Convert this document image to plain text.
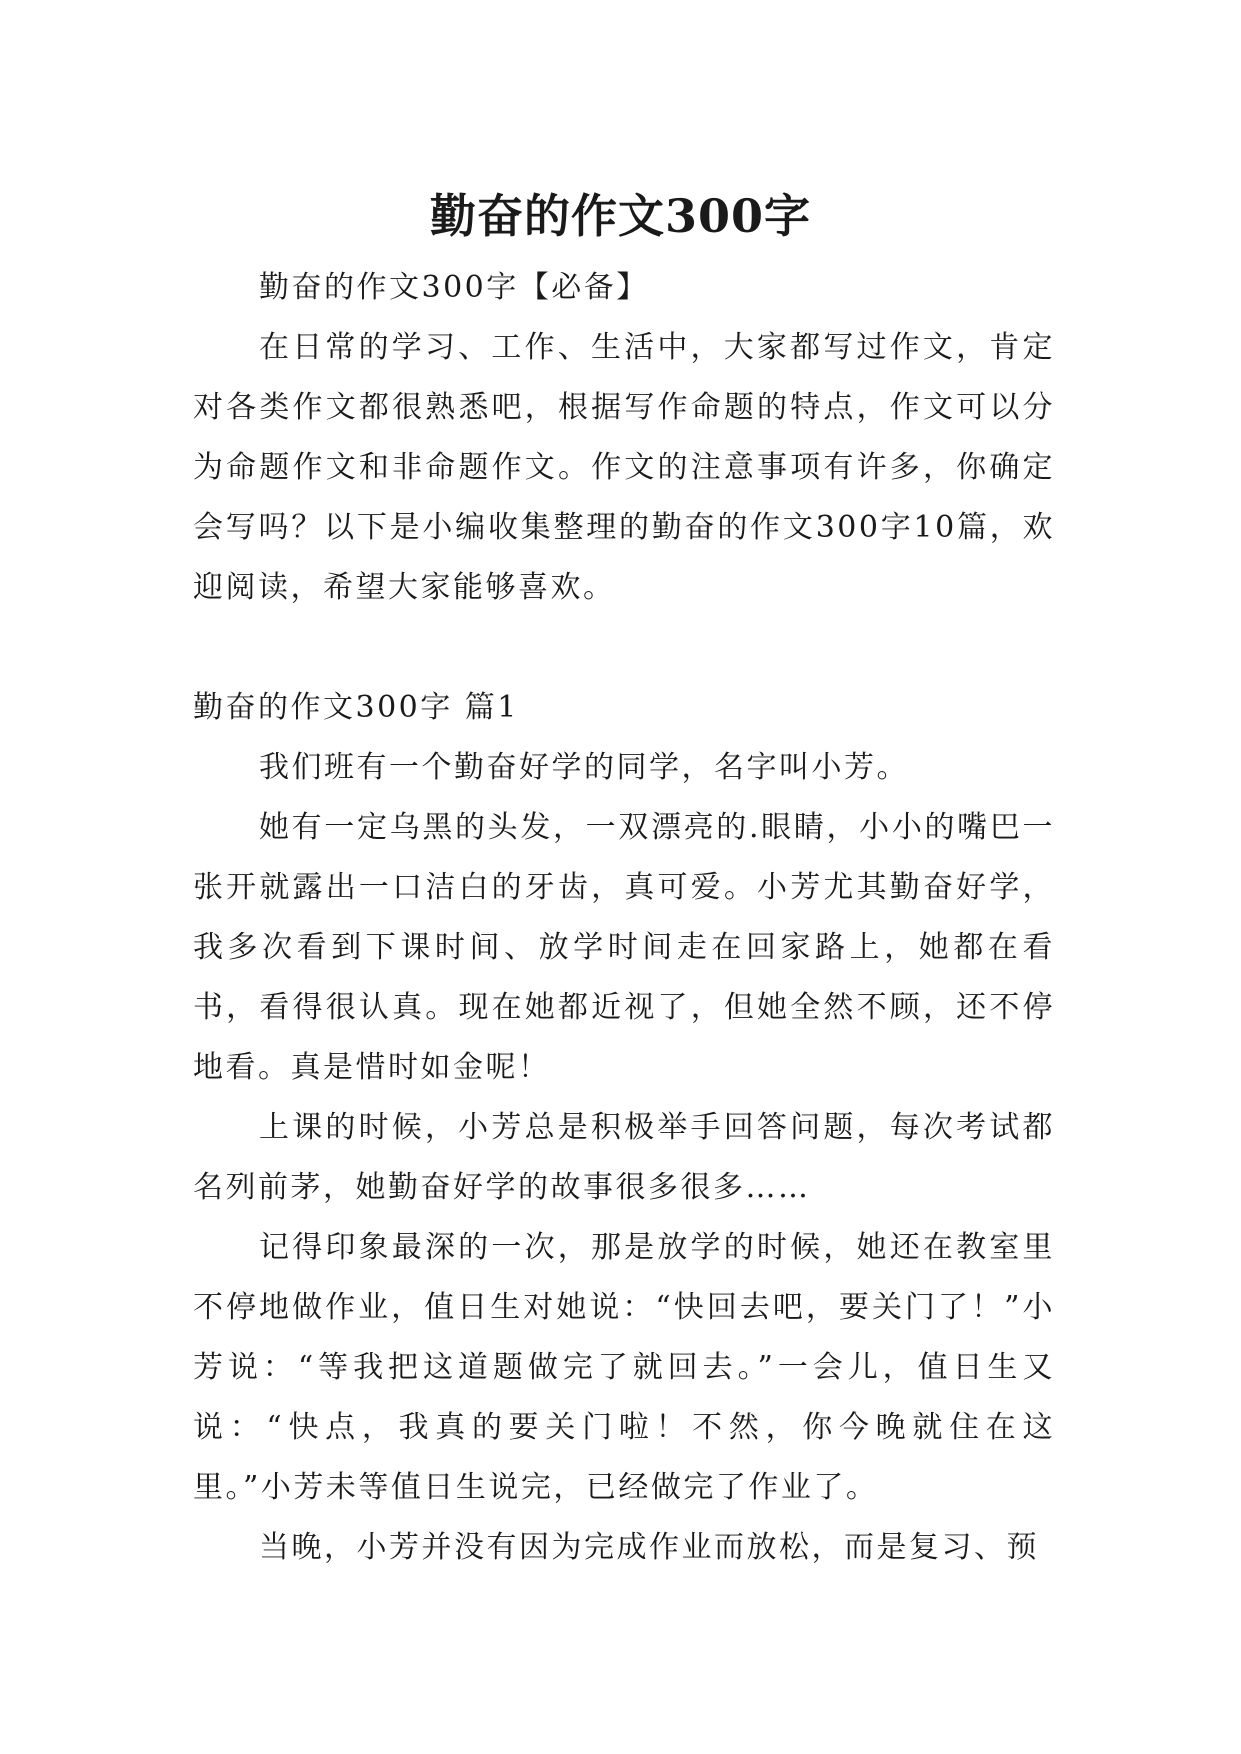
勤奋的作文300字

勤奋的作文300字【必备】

在日常的学习、工作、生活中，大家都写过作文，肯定对各类作文都很熟悉吧，根据写作命题的特点，作文可以分为命题作文和非命题作文。作文的注意事项有许多，你确定会写吗？以下是小编收集整理的勤奋的作文300字10篇，欢迎阅读，希望大家能够喜欢。

勤奋的作文300字 篇1

我们班有一个勤奋好学的同学，名字叫小芳。

她有一定乌黑的头发，一双漂亮的.眼睛，小小的嘴巴一张开就露出一口洁白的牙齿，真可爱。小芳尤其勤奋好学，我多次看到下课时间、放学时间走在回家路上，她都在看书，看得很认真。现在她都近视了，但她全然不顾，还不停地看。真是惜时如金呢！

上课的时候，小芳总是积极举手回答问题，每次考试都名列前茅，她勤奋好学的故事很多很多……

记得印象最深的一次，那是放学的时候，她还在教室里不停地做作业，值日生对她说：“快回去吧，要关门了！”小芳说：“等我把这道题做完了就回去。”一会儿，值日生又说：“快点，我真的要关门啦！不然，你今晚就住在这里。”小芳未等值日生说完，已经做完了作业了。

当晚，小芳并没有因为完成作业而放松，而是复习、预
